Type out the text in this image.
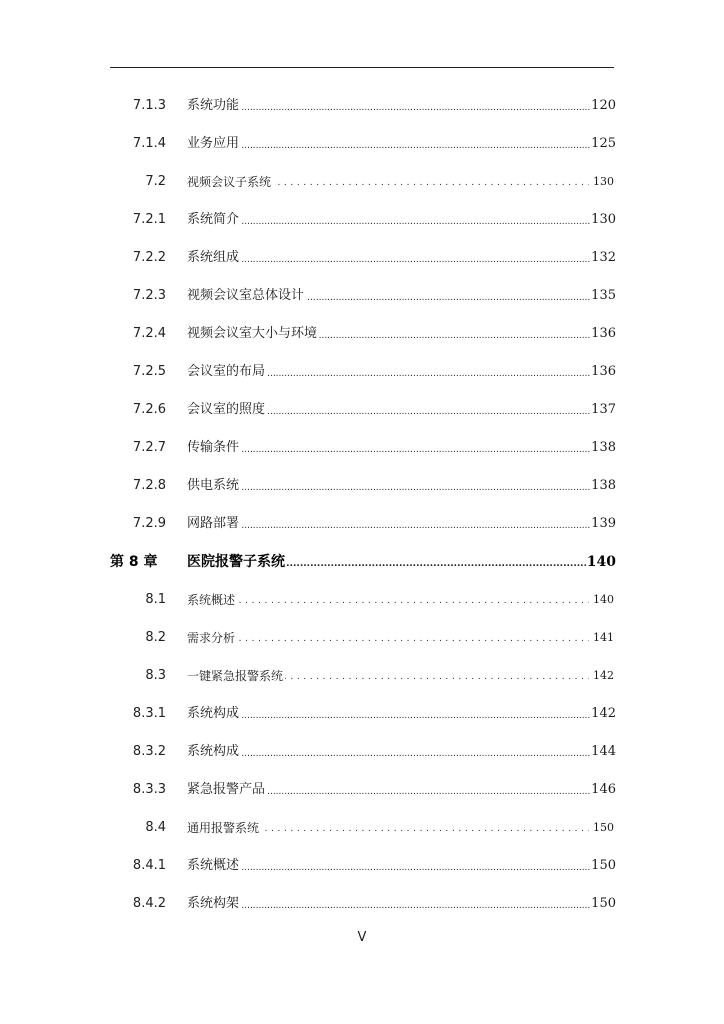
7.1.3 ..... 系统功能	120
7.1.4 ..... 业务应用	125
7.2 ..... 视频会议子系统	130
7.2.1 ..... 系统简介	130
7.2.2 ..... 系统组成	132
7.2.3 ..... 视频会议室总体设计	135
7.2.4 ..... 视频会议室大小与环境	136
7.2.5 ..... 会议室的布局	136
7.2.6 ..... 会议室的照度	137
7.2.7 ..... 传输条件	138
7.2.8 ..... 供电系统	138
7.2.9 ..... 网路部署	139
第 8 章 .....	医院报警子系统	140
8.1 ..... 系统概述	140
8.2 ..... 需求分析	141
8.3 ..... 一键紧急报警系统	142
8.3.1 ..... 系统构成	142
8.3.2 ..... 系统构成	144
8.3.3 ..... 紧急报警产品	146
8.4 ..... 通用报警系统	150
8.4.1 ..... 系统概述	150
8.4.2 ..... 系统构架	150
V
